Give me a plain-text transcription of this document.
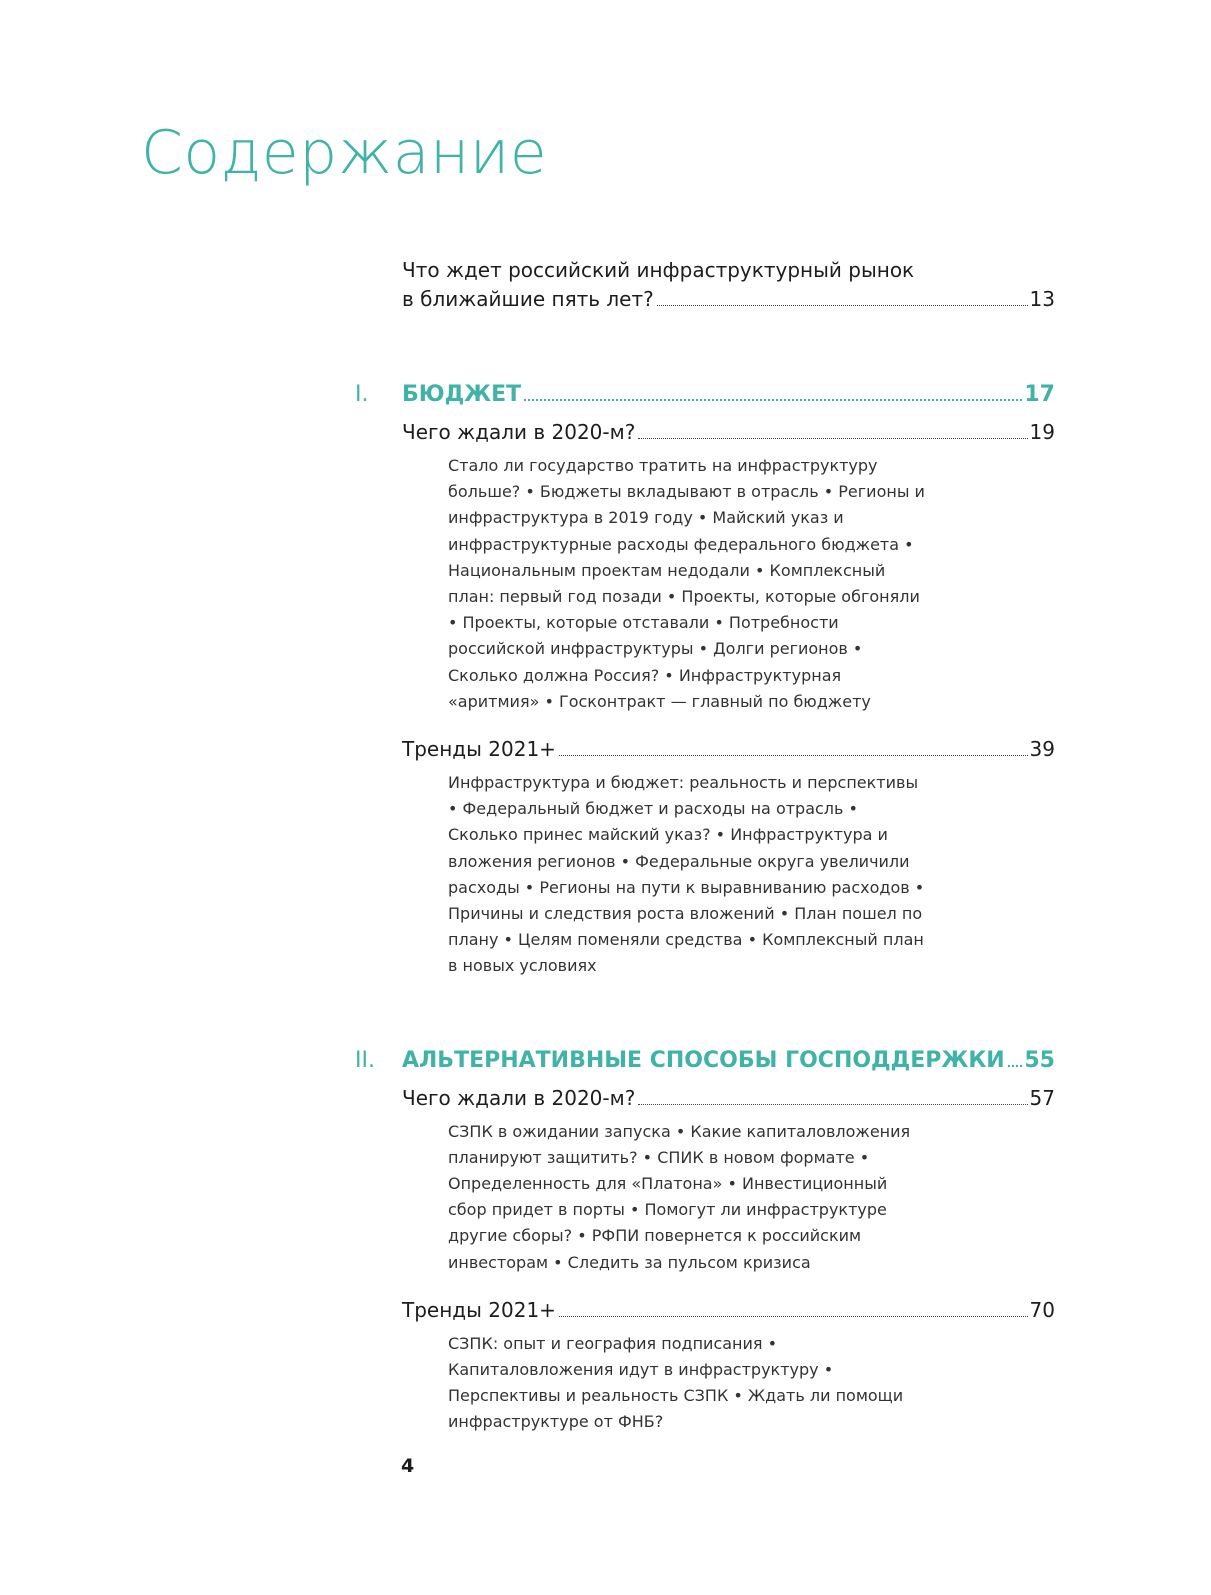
Содержание
Что ждет российский инфраструктурный рынок
в ближайшие пять лет?	13
I.	БЮДЖЕТ	17
Чего ждали в 2020-м?	19
Стало ли государство тратить на инфраструктуру больше? • Бюджеты вкладывают в отрасль • Регионы и инфраструктура в 2019 году • Майский указ и инфраструктурные расходы федерального бюджета • Национальным проектам недодали • Комплексный план: первый год позади • Проекты, которые обгоняли • Проекты, которые отставали • Потребности российской инфраструктуры • Долги регионов • Сколько должна Россия? • Инфраструктурная «аритмия» • Госконтракт — главный по бюджету
Тренды 2021+	39
Инфраструктура и бюджет: реальность и перспективы • Федеральный бюджет и расходы на отрасль • Сколько принес майский указ? • Инфраструктура и вложения регионов • Федеральные округа увеличили расходы • Регионы на пути к выравниванию расходов • Причины и следствия роста вложений • План пошел по плану • Целям поменяли средства • Комплексный план в новых условиях
II.	АЛЬТЕРНАТИВНЫЕ СПОСОБЫ ГОСПОДДЕРЖКИ 55
Чего ждали в 2020-м?	57
СЗПК в ожидании запуска • Какие капиталовложения планируют защитить? • СПИК в новом формате • Определенность для «Платона» • Инвестиционный сбор придет в порты • Помогут ли инфраструктуре другие сборы? • РФПИ повернется к российским инвесторам • Следить за пульсом кризиса
Тренды 2021+	70
СЗПК: опыт и география подписания • Капиталовложения идут в инфраструктуру • Перспективы и реальность СЗПК • Ждать ли помощи инфраструктуре от ФНБ?
4
